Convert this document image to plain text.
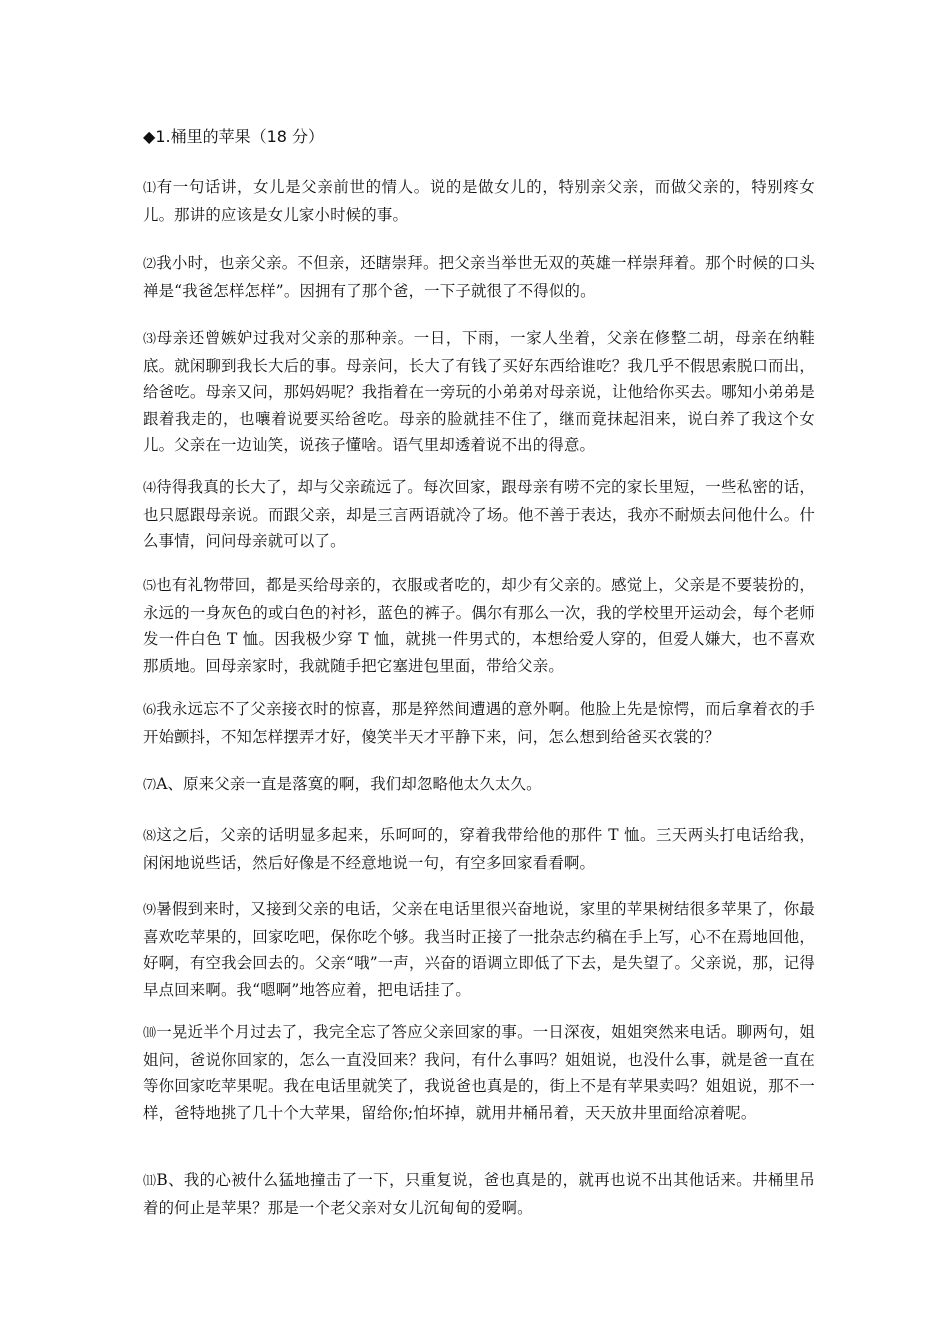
◆1.桶里的苹果（18 分）

⑴有一句话讲，女儿是父亲前世的情人。说的是做女儿的，特别亲父亲，而做父亲的，特别疼女儿。那讲的应该是女儿家小时候的事。

⑵我小时，也亲父亲。不但亲，还瞎崇拜。把父亲当举世无双的英雄一样崇拜着。那个时候的口头禅是“我爸怎样怎样”。因拥有了那个爸，一下子就很了不得似的。

⑶母亲还曾嫉妒过我对父亲的那种亲。一日，下雨，一家人坐着，父亲在修整二胡，母亲在纳鞋底。就闲聊到我长大后的事。母亲问，长大了有钱了买好东西给谁吃？我几乎不假思索脱口而出，给爸吃。母亲又问，那妈妈呢？我指着在一旁玩的小弟弟对母亲说，让他给你买去。哪知小弟弟是跟着我走的，也嚷着说要买给爸吃。母亲的脸就挂不住了，继而竟抹起泪来，说白养了我这个女儿。父亲在一边讪笑，说孩子懂啥。语气里却透着说不出的得意。

⑷待得我真的长大了，却与父亲疏远了。每次回家，跟母亲有唠不完的家长里短，一些私密的话，也只愿跟母亲说。而跟父亲，却是三言两语就冷了场。他不善于表达，我亦不耐烦去问他什么。什么事情，问问母亲就可以了。

⑸也有礼物带回，都是买给母亲的，衣服或者吃的，却少有父亲的。感觉上，父亲是不要装扮的，永远的一身灰色的或白色的衬衫，蓝色的裤子。偶尔有那么一次，我的学校里开运动会，每个老师发一件白色 T 恤。因我极少穿 T 恤，就挑一件男式的，本想给爱人穿的，但爱人嫌大，也不喜欢那质地。回母亲家时，我就随手把它塞进包里面，带给父亲。

⑹我永远忘不了父亲接衣时的惊喜，那是猝然间遭遇的意外啊。他脸上先是惊愕，而后拿着衣的手开始颤抖，不知怎样摆弄才好，傻笑半天才平静下来，问，怎么想到给爸买衣裳的？

⑺A、原来父亲一直是落寞的啊，我们却忽略他太久太久。

⑻这之后，父亲的话明显多起来，乐呵呵的，穿着我带给他的那件 T 恤。三天两头打电话给我，闲闲地说些话，然后好像是不经意地说一句，有空多回家看看啊。

⑼暑假到来时，又接到父亲的电话，父亲在电话里很兴奋地说，家里的苹果树结很多苹果了，你最喜欢吃苹果的，回家吃吧，保你吃个够。我当时正接了一批杂志约稿在手上写，心不在焉地回他，好啊，有空我会回去的。父亲“哦”一声，兴奋的语调立即低了下去，是失望了。父亲说，那，记得早点回来啊。我“嗯啊”地答应着，把电话挂了。

⑽一晃近半个月过去了，我完全忘了答应父亲回家的事。一日深夜，姐姐突然来电话。聊两句，姐姐问，爸说你回家的，怎么一直没回来？我问，有什么事吗？姐姐说，也没什么事，就是爸一直在等你回家吃苹果呢。我在电话里就笑了，我说爸也真是的，街上不是有苹果卖吗？姐姐说，那不一样，爸特地挑了几十个大苹果，留给你;怕坏掉，就用井桶吊着，天天放井里面给凉着呢。

⑾B、我的心被什么猛地撞击了一下，只重复说，爸也真是的，就再也说不出其他话来。井桶里吊着的何止是苹果？那是一个老父亲对女儿沉甸甸的爱啊。
